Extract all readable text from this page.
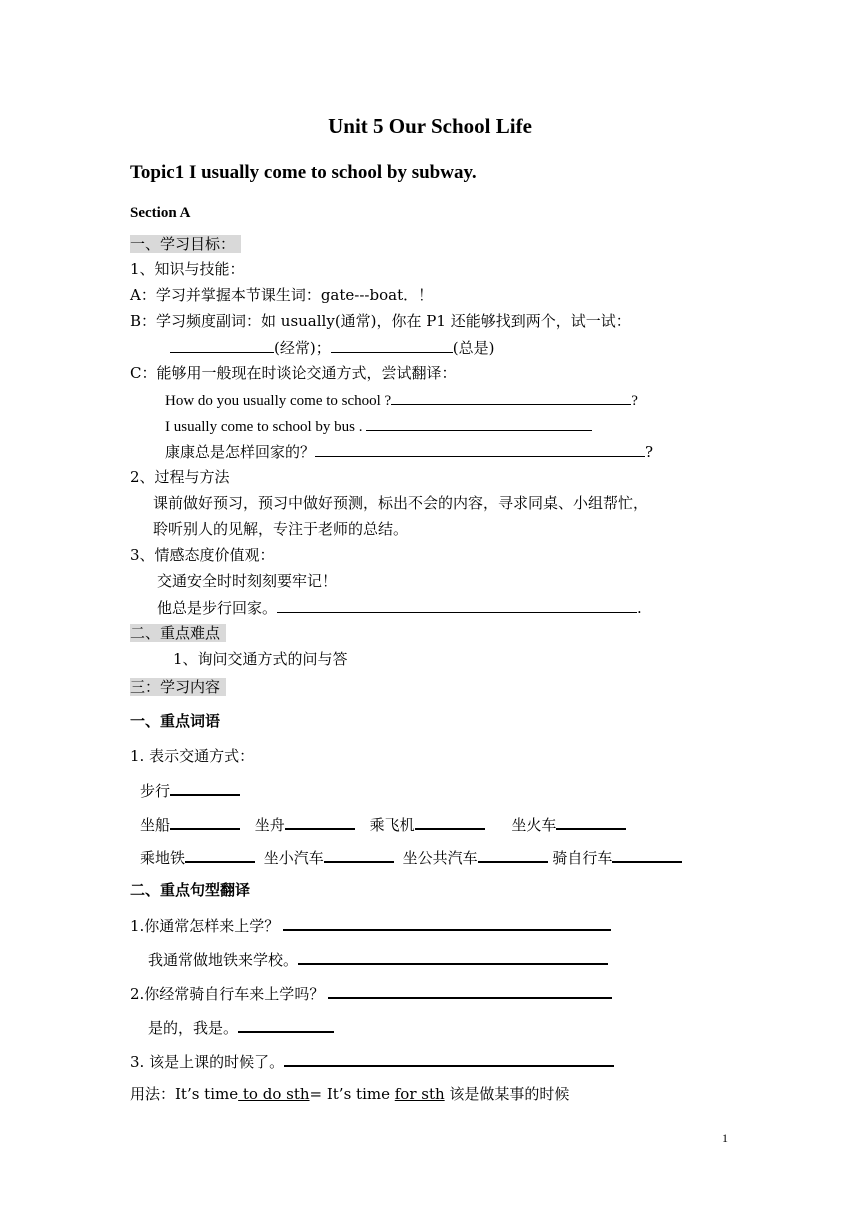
Unit 5 Our School Life
Topic1 I usually come to school by subway.
Section A
一、学习目标：
1、知识与技能：
A：学习并掌握本节课生词：gate---boat．！
B：学习频度副词：如 usually(通常)，你在 P1 还能够找到两个，试一试：
(经常)；	(总是)
C：能够用一般现在时谈论交通方式，尝试翻译：
How do you usually come to school ?	?
I usually come to school by bus .
康康总是怎样回家的？	?
2、过程与方法
课前做好预习，预习中做好预测，标出不会的内容，寻求同桌、小组帮忙，
聆听别人的见解，专注于老师的总结。
3、情感态度价值观：
交通安全时时刻刻要牢记！
他总是步行回家。	.
二、重点难点
1、询问交通方式的问与答
三：学习内容
一、重点词语
1. 表示交通方式：
步行
坐船	坐舟	乘飞机	坐火车
乘地铁	坐小汽车	坐公共汽车	骑自行车
二、重点句型翻译
1.你通常怎样来上学？
我通常做地铁来学校。
2.你经常骑自行车来上学吗？
是的，我是。
3. 该是上课的时候了。
用法：It’s time to do sth= It’s time for sth 该是做某事的时候
1
